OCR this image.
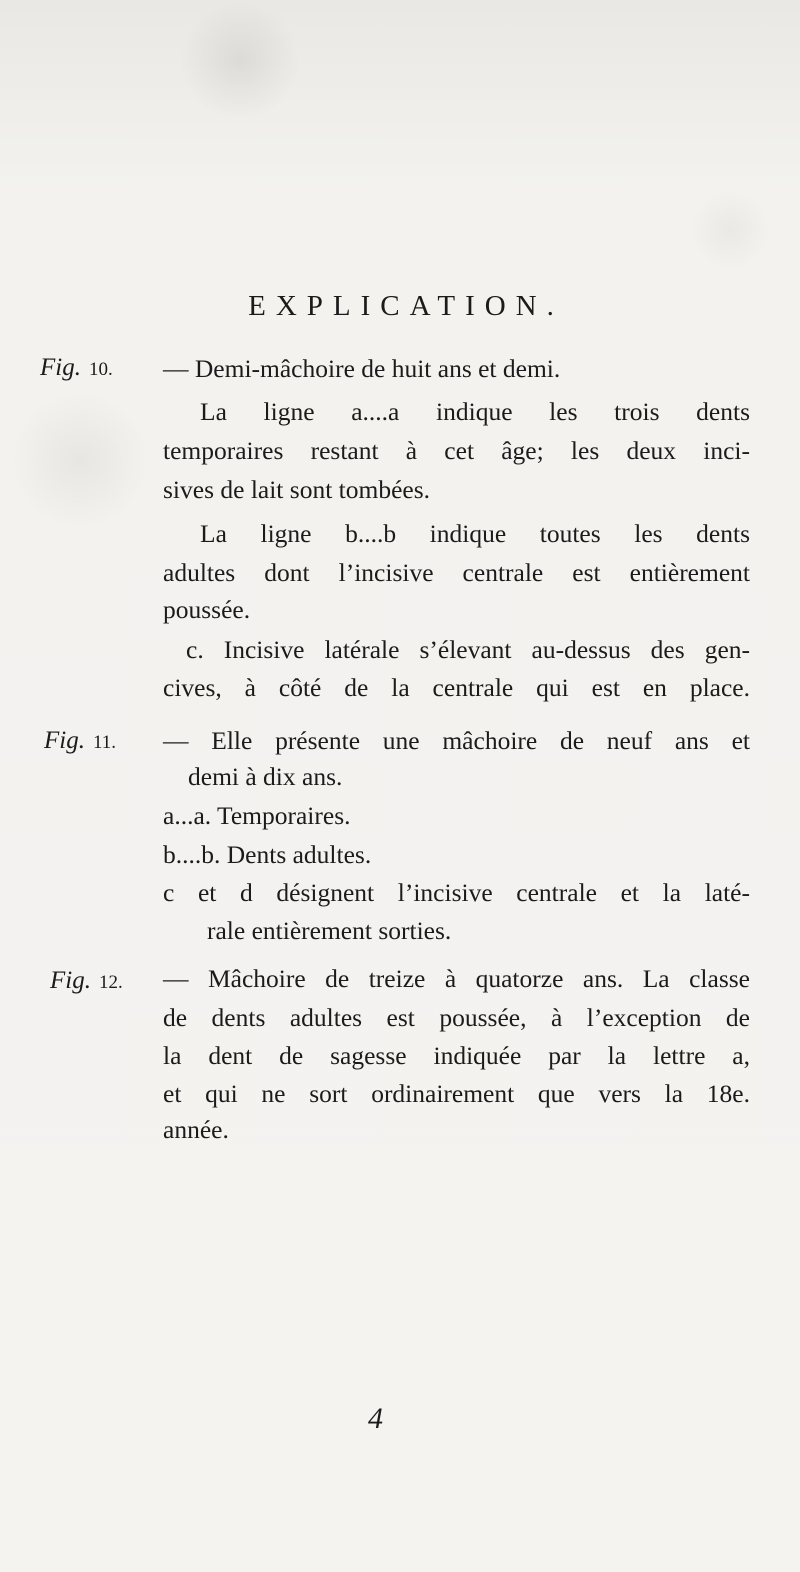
EXPLICATION.
Fig. 10. — Demi-mâchoire de huit ans et demi.
La ligne a....a indique les trois dents
temporaires restant à cet âge; les deux inci-
sives de lait sont tombées.
La ligne b....b indique toutes les dents
adultes dont l’incisive centrale est entièrement
poussée.
c. Incisive latérale s’élevant au-dessus des gen-
cives, à côté de la centrale qui est en place.
Fig. 11. — Elle présente une mâchoire de neuf ans et
demi à dix ans.
a...a. Temporaires.
b....b. Dents adultes.
c et d désignent l’incisive centrale et la laté-
rale entièrement sorties.
Fig. 12. — Mâchoire de treize à quatorze ans. La classe
de dents adultes est poussée, à l’exception de
la dent de sagesse indiquée par la lettre a,
et qui ne sort ordinairement que vers la 18e.
année.
4
